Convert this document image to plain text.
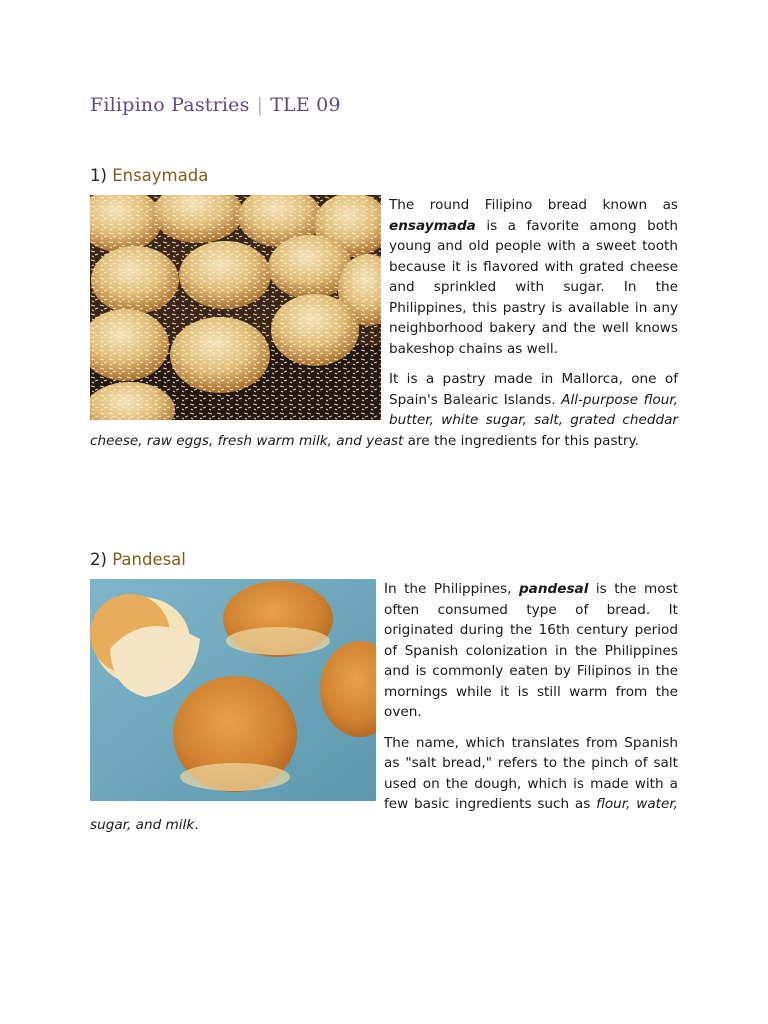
Filipino Pastries | TLE 09
1) Ensaymada

The round Filipino bread known as ensaymada is a favorite among both young and old people with a sweet tooth because it is flavored with grated cheese and sprinkled with sugar. In the Philippines, this pastry is available in any neighborhood bakery and the well knows bakeshop chains as well.

It is a pastry made in Mallorca, one of Spain's Balearic Islands. All-purpose flour, butter, white sugar, salt, grated cheddar cheese, raw eggs, fresh warm milk, and yeast are the ingredients for this pastry.

2) Pandesal

In the Philippines, pandesal is the most often consumed type of bread. It originated during the 16th century period of Spanish colonization in the Philippines and is commonly eaten by Filipinos in the mornings while it is still warm from the oven.

The name, which translates from Spanish as "salt bread," refers to the pinch of salt used on the dough, which is made with a few basic ingredients such as flour, water, sugar, and milk.
